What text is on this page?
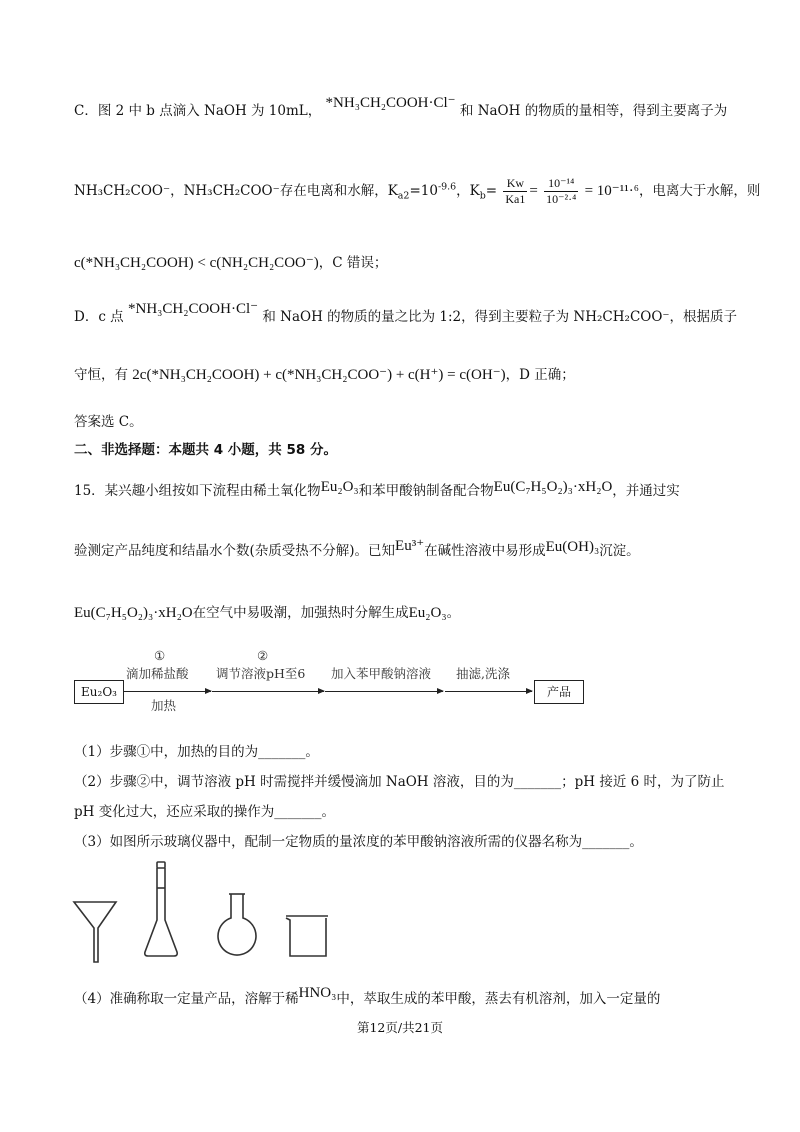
C．图 2 中 b 点滴入 NaOH 为 10mL， *NH₃CH₂COOH·Cl⁻ 和 NaOH 的物质的量相等，得到主要离子为
NH₃CH₂COO⁻，NH₃CH₂COO⁻存在电离和水解，$K_{a2}=10^{-9.6}$，$K_b= \frac{Kw}{Ka1} = \frac{\text{10⁻¹⁴}}{\text{10⁻²·⁴}} = 10^{-11}\cdot^6$，电离大于水解，则
c(*NH₃CH₂COOH) < c(NH₂CH₂COO⁻)，C 错误；
D．c 点 *NH₃CH₂COOH·Cl⁻ 和 NaOH 的物质的量之比为 1:2，得到主要粒子为 NH₂CH₂COO⁻，根据质子
守恒，有 2c(*NH₃CH₂COOH) + c(*NH₃CH₂COO⁻) + c(H⁺) = c(OH⁻)，D 正确；
答案选 C。
二、非选择题：本题共 4 小题，共 58 分。
15．某兴趣小组按如下流程由稀土氧化物Eu₂O₃和苯甲酸钠制备配合物Eu(C₇H₅O₂)₃·xH₂O，并通过实
验测定产品纯度和结晶水个数(杂质受热不分解)。已知Eu³⁺在碱性溶液中易形成Eu(OH)₃沉淀。
Eu(C₇H₅O₂)₃·xH₂O在空气中易吸潮，加强热时分解生成Eu₂O₃。
Eu₂O₃
①
滴加稀盐酸
加热
②
调节溶液pH至6 加入苯甲酸钠溶液 抽滤,洗涤
产品
（1）步骤①中，加热的目的为_______。
（2）步骤②中，调节溶液 pH 时需搅拌并缓慢滴加 NaOH 溶液，目的为_______；pH 接近 6 时，为了防止
pH 变化过大，还应采取的操作为_______。
（3）如图所示玻璃仪器中，配制一定物质的量浓度的苯甲酸钠溶液所需的仪器名称为_______。
（4）准确称取一定量产品，溶解于稀HNO₃中，萃取生成的苯甲酸，蒸去有机溶剂，加入一定量的
第12页/共21页
